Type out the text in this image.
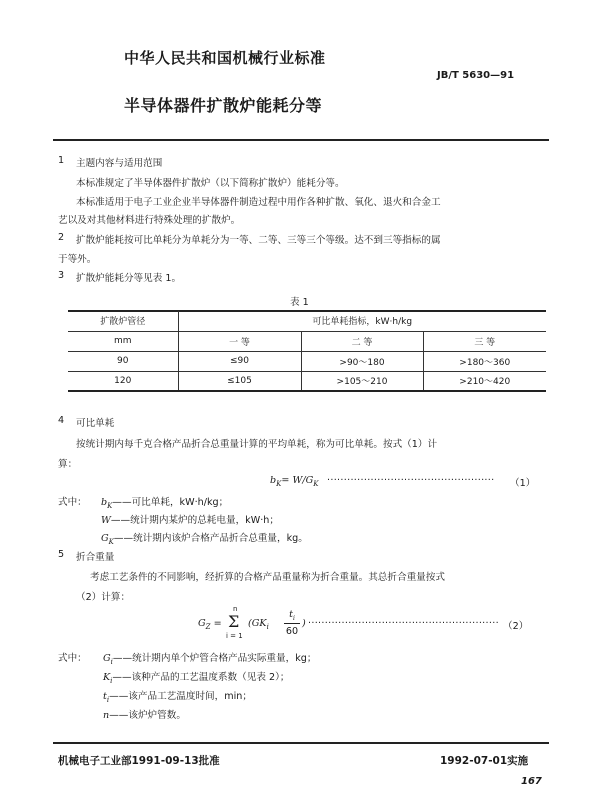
中华人民共和国机械行业标准
JB/T 5630—91
半导体器件扩散炉能耗分等
1 主题内容与适用范围
本标准规定了半导体器件扩散炉（以下简称扩散炉）能耗分等。
本标准适用于电子工业企业半导体器件制造过程中用作各种扩散、氧化、退火和合金工
艺以及对其他材料进行特殊处理的扩散炉。
2 扩散炉能耗按可比单耗分为单耗分为一等、二等、三等三个等级。达不到三等指标的属
于等外。
3 扩散炉能耗分等见表 1。
表 1
扩散炉管径	可比单耗指标，kW·h/kg		
mm	一 等	二 等	三 等
90	≤90	>90～180	>180～360
120	≤105	>105～210	>210～420
4 可比单耗
按统计期内每千克合格产品折合总重量计算的平均单耗，称为可比单耗。按式（1）计
算：
$b_K= W/G_K$ ·················································· （1）
式中： $b_K——$可比单耗，kW·h/kg；
W——统计期内某炉的总耗电量，kW·h；
$G_K——$统计期内该炉合格产品折合总重量，kg。
5 折合重量
考虑工艺条件的不同影响，经折算的合格产品重量称为折合重量。其总折合重量按式
（2）计算：
$G_Z$ =
n
Σ
i = 1
($GK_i$
$t_i$
60
) ························································· （2）
式中： $G_i——$统计期内单个炉管合格产品实际重量，kg；
$K_i——$该种产品的工艺温度系数（见表 2）；
$t_i——$该产品工艺温度时间，min；
n——该炉炉管数。
机械电子工业部1991-09-13批准	1992-07-01实施
167
